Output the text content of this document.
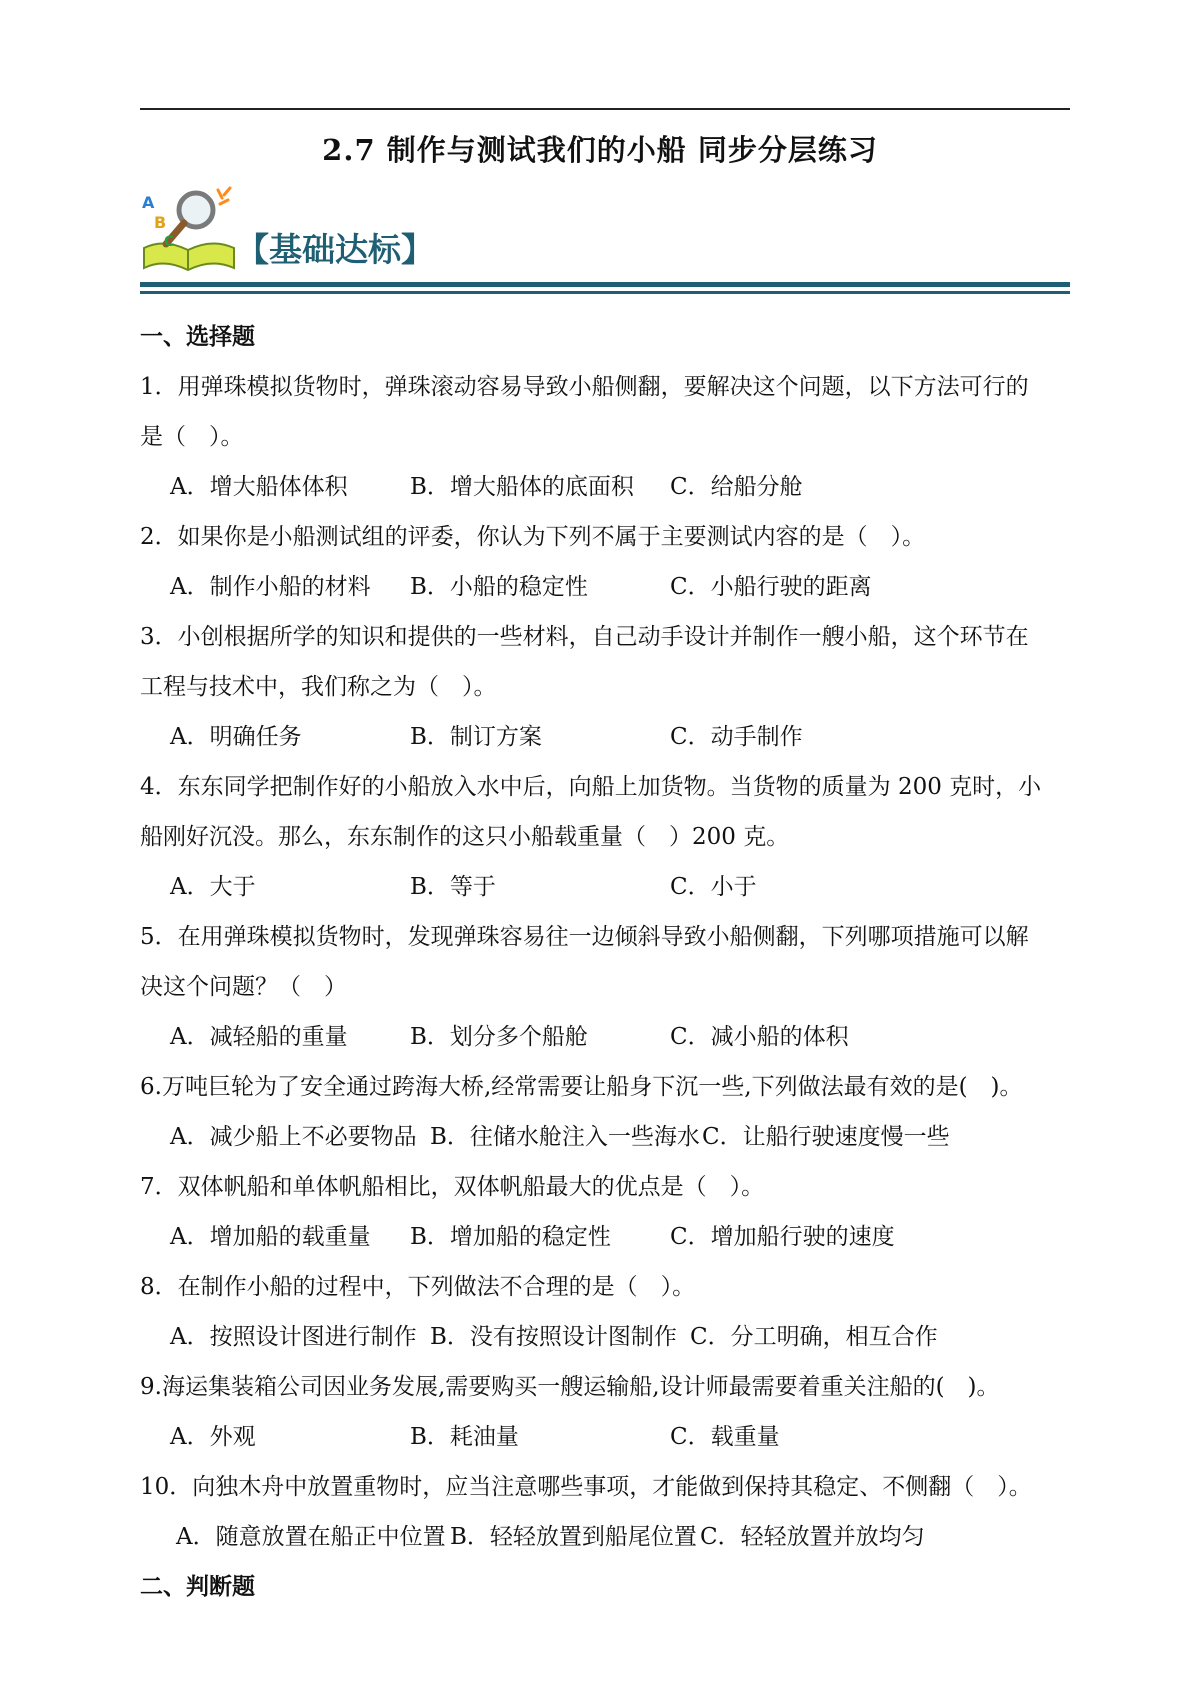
2.7 制作与测试我们的小船 同步分层练习
A
B
C 【基础达标】
一、选择题
1．用弹珠模拟货物时，弹珠滚动容易导致小船侧翻，要解决这个问题，以下方法可行的
是（　）。
A．增大船体体积	B．增大船体的底面积 C．给船分舱
2．如果你是小船测试组的评委，你认为下列不属于主要测试内容的是（　）。
A．制作小船的材料 B．小船的稳定性	C．小船行驶的距离
3．小创根据所学的知识和提供的一些材料，自己动手设计并制作一艘小船，这个环节在
工程与技术中，我们称之为（　）。
A．明确任务	B．制订方案	C．动手制作
4．东东同学把制作好的小船放入水中后，向船上加货物。当货物的质量为 200 克时，小
船刚好沉没。那么，东东制作的这只小船载重量（　）200 克。
A．大于	B．等于	C．小于
5．在用弹珠模拟货物时，发现弹珠容易往一边倾斜导致小船侧翻，下列哪项措施可以解
决这个问题？（　）
A．减轻船的重量	B．划分多个船舱	C．减小船的体积
6.万吨巨轮为了安全通过跨海大桥,经常需要让船身下沉一些,下列做法最有效的是(　)。
A．减少船上不必要物品 B．往储水舱注入一些海水 C．让船行驶速度慢一些
7．双体帆船和单体帆船相比，双体帆船最大的优点是（　）。
A．增加船的载重量 B．增加船的稳定性	C．增加船行驶的速度
8．在制作小船的过程中，下列做法不合理的是（　）。
A．按照设计图进行制作 B．没有按照设计图制作 C．分工明确，相互合作
9.海运集装箱公司因业务发展,需要购买一艘运输船,设计师最需要着重关注船的(　)。
A．外观	B．耗油量	C．载重量
10．向独木舟中放置重物时，应当注意哪些事项，才能做到保持其稳定、不侧翻（　）。
A．随意放置在船正中位置 B．轻轻放置到船尾位置 C．轻轻放置并放均匀
二、判断题
